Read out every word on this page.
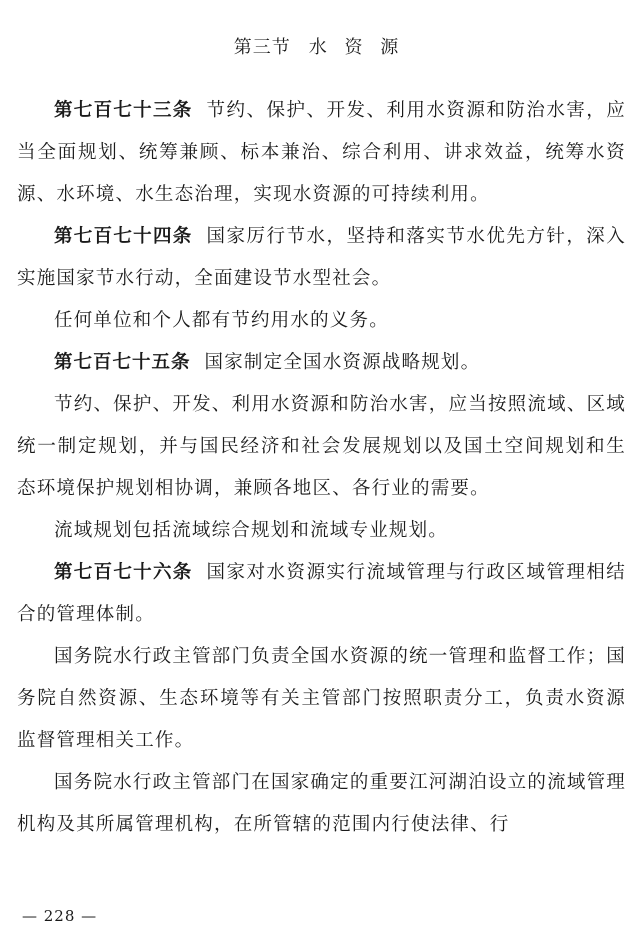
第三节 水 资 源

第七百七十三条 节约、保护、开发、利用水资源和防治水害，应当全面规划、统筹兼顾、标本兼治、综合利用、讲求效益，统筹水资源、水环境、水生态治理，实现水资源的可持续利用。

第七百七十四条 国家厉行节水，坚持和落实节水优先方针，深入实施国家节水行动，全面建设节水型社会。

任何单位和个人都有节约用水的义务。

第七百七十五条 国家制定全国水资源战略规划。

节约、保护、开发、利用水资源和防治水害，应当按照流域、区域统一制定规划，并与国民经济和社会发展规划以及国土空间规划和生态环境保护规划相协调，兼顾各地区、各行业的需要。

流域规划包括流域综合规划和流域专业规划。

第七百七十六条 国家对水资源实行流域管理与行政区域管理相结合的管理体制。

国务院水行政主管部门负责全国水资源的统一管理和监督工作；国务院自然资源、生态环境等有关主管部门按照职责分工，负责水资源监督管理相关工作。

国务院水行政主管部门在国家确定的重要江河湖泊设立的流域管理机构及其所属管理机构，在所管辖的范围内行使法律、行

— 228 —
